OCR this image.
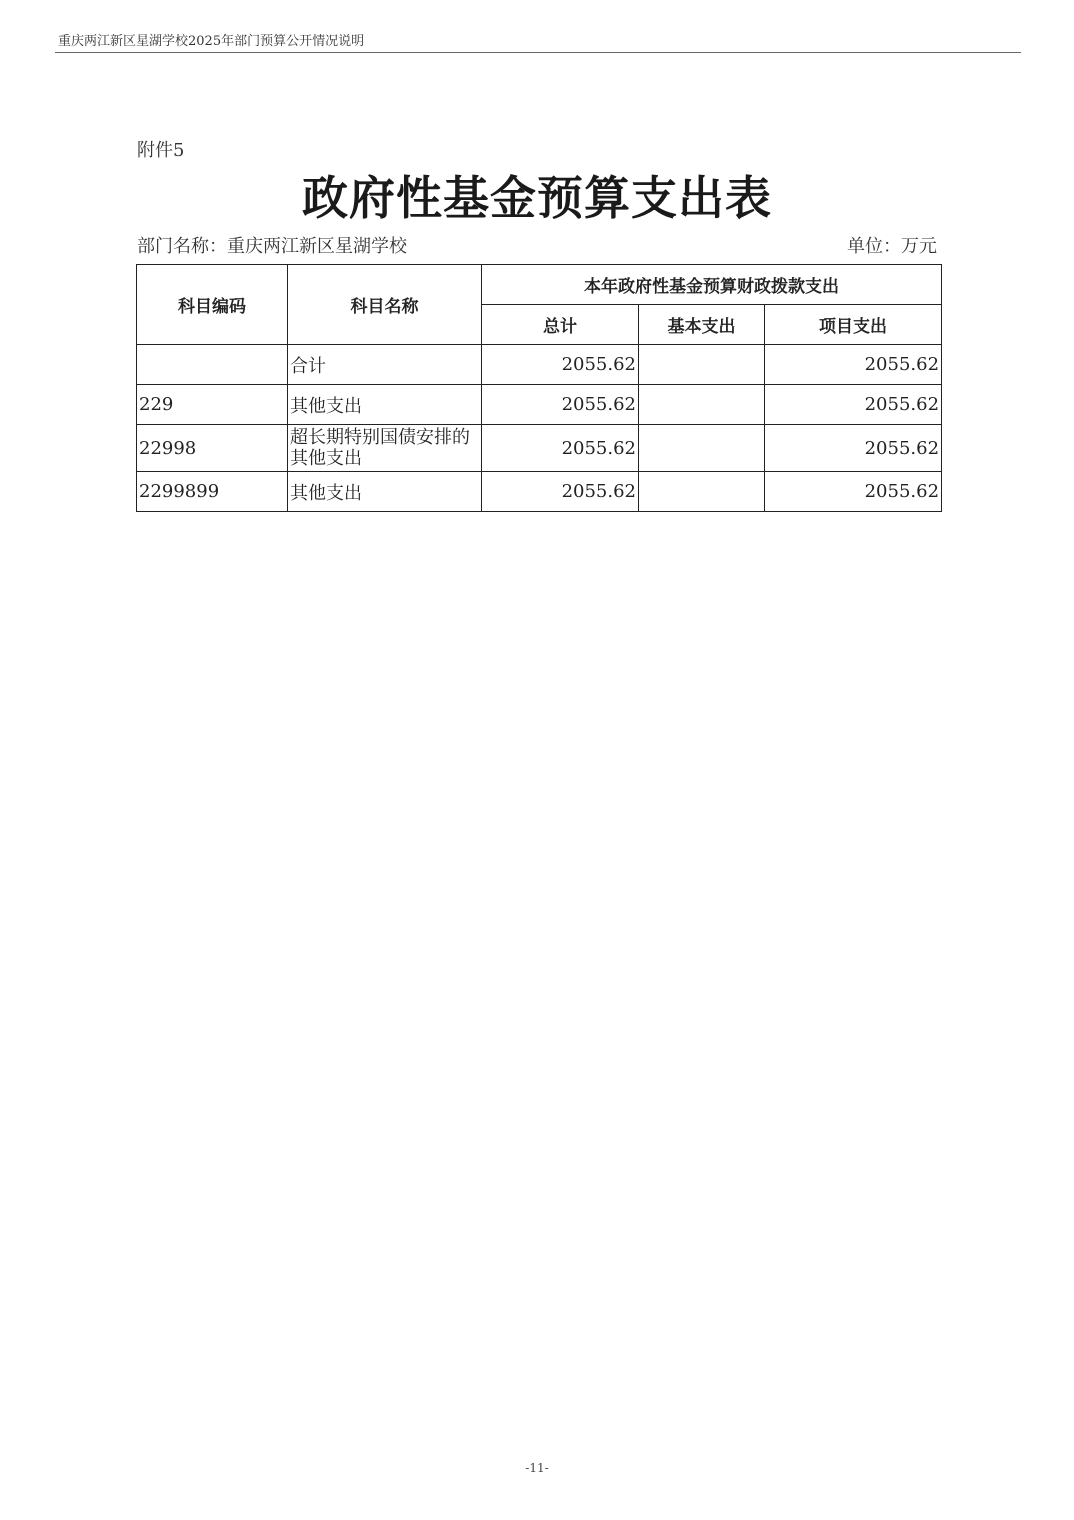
重庆两江新区星湖学校2025年部门预算公开情况说明
附件5
政府性基金预算支出表
部门名称：重庆两江新区星湖学校	单位：万元
科目编码	科目名称	本年政府性基金预算财政拨款支出		
		总计	基本支出	项目支出
	合计	2055.62		2055.62
229	其他支出	2055.62		2055.62
22998	超长期特别国债安排的其他支出	2055.62		2055.62
2299899	其他支出	2055.62		2055.62
-11-
